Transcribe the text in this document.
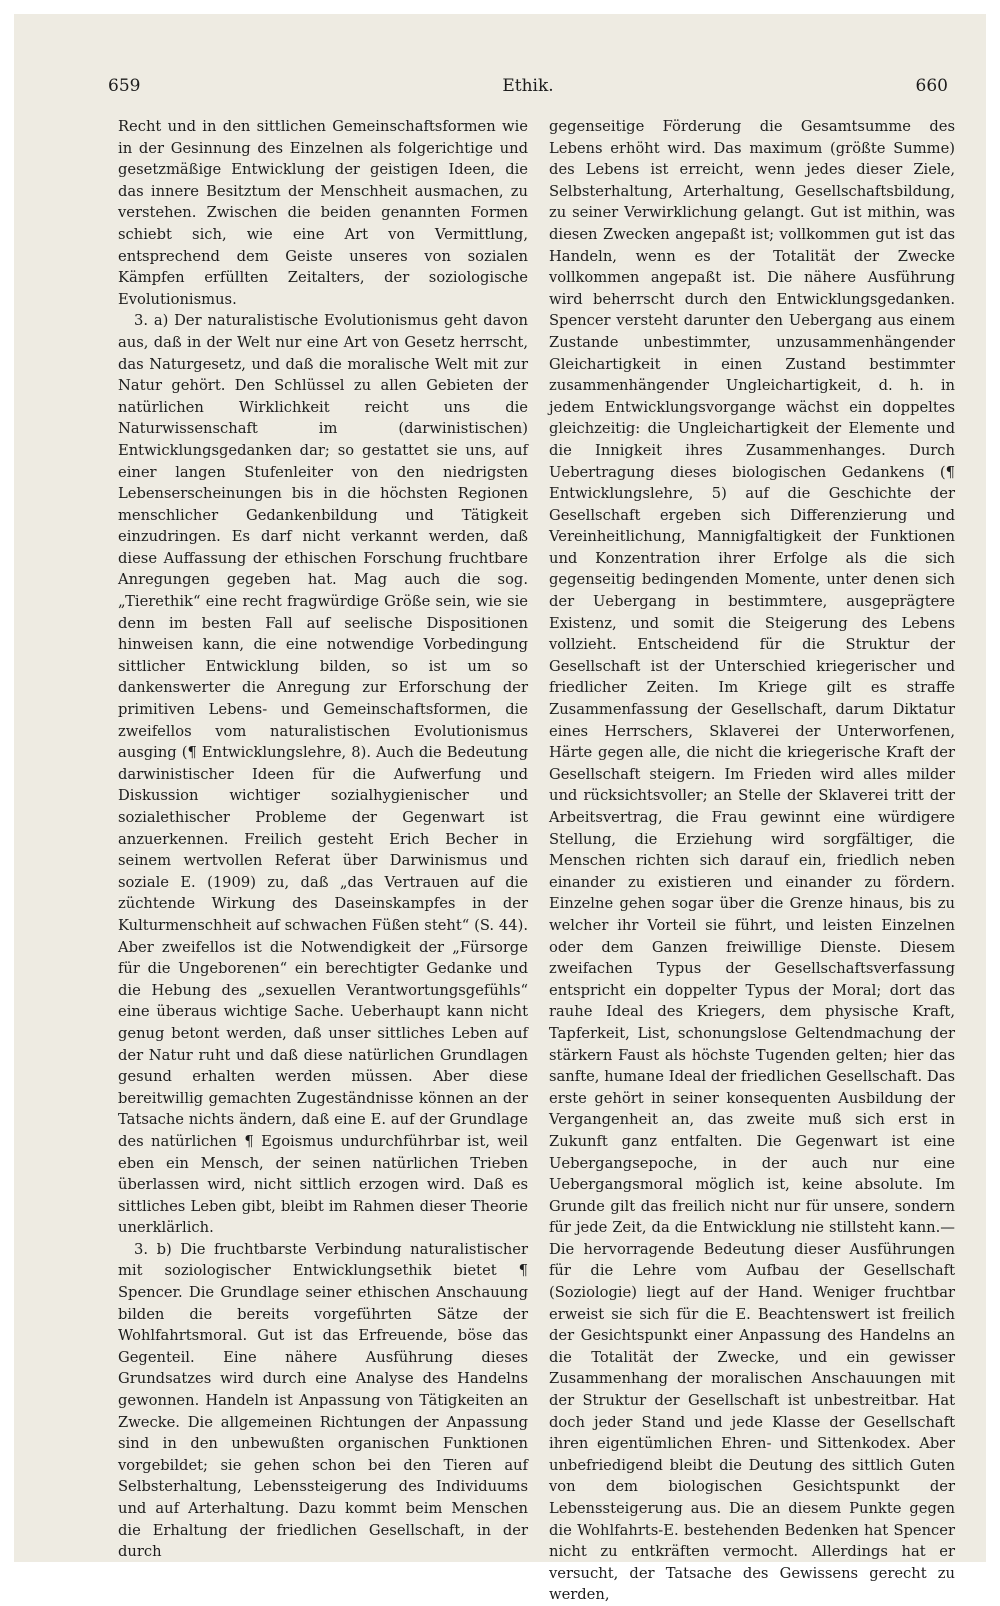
659	Ethik.	660

Recht und in den sittlichen Gemeinschaftsformen wie in der Gesinnung des Einzelnen als folgerichtige und gesetzmäßige Entwicklung der geistigen Ideen, die das innere Besitztum der Menschheit ausmachen, zu verstehen. Zwischen die beiden genannten Formen schiebt sich, wie eine Art von Vermittlung, entsprechend dem Geiste unseres von sozialen Kämpfen erfüllten Zeitalters, der soziologische Evolutionismus.

3. a) Der naturalistische Evolutionismus geht davon aus, daß in der Welt nur eine Art von Gesetz herrscht, das Naturgesetz, und daß die moralische Welt mit zur Natur gehört. Den Schlüssel zu allen Gebieten der natürlichen Wirklichkeit reicht uns die Naturwissenschaft im (darwinistischen) Entwicklungsgedanken dar; so gestattet sie uns, auf einer langen Stufenleiter von den niedrigsten Lebenserscheinungen bis in die höchsten Regionen menschlicher Gedankenbildung und Tätigkeit einzudringen. Es darf nicht verkannt werden, daß diese Auffassung der ethischen Forschung fruchtbare Anregungen gegeben hat. Mag auch die sog. „Tierethik“ eine recht fragwürdige Größe sein, wie sie denn im besten Fall auf seelische Dispositionen hinweisen kann, die eine notwendige Vorbedingung sittlicher Entwicklung bilden, so ist um so dankenswerter die Anregung zur Erforschung der primitiven Lebens- und Gemeinschaftsformen, die zweifellos vom naturalistischen Evolutionismus ausging (¶ Entwicklungslehre, 8). Auch die Bedeutung darwinistischer Ideen für die Aufwerfung und Diskussion wichtiger sozialhygienischer und sozialethischer Probleme der Gegenwart ist anzuerkennen. Freilich gesteht Erich Becher in seinem wertvollen Referat über Darwinismus und soziale E. (1909) zu, daß „das Vertrauen auf die züchtende Wirkung des Daseinskampfes in der Kulturmenschheit auf schwachen Füßen steht“ (S. 44). Aber zweifellos ist die Notwendigkeit der „Fürsorge für die Ungeborenen“ ein berechtigter Gedanke und die Hebung des „sexuellen Verantwortungsgefühls“ eine überaus wichtige Sache. Ueberhaupt kann nicht genug betont werden, daß unser sittliches Leben auf der Natur ruht und daß diese natürlichen Grundlagen gesund erhalten werden müssen. Aber diese bereitwillig gemachten Zugeständnisse können an der Tatsache nichts ändern, daß eine E. auf der Grundlage des natürlichen ¶ Egoismus undurchführbar ist, weil eben ein Mensch, der seinen natürlichen Trieben überlassen wird, nicht sittlich erzogen wird. Daß es sittliches Leben gibt, bleibt im Rahmen dieser Theorie unerklärlich.

3. b) Die fruchtbarste Verbindung naturalistischer mit soziologischer Entwicklungsethik bietet ¶ Spencer. Die Grundlage seiner ethischen Anschauung bilden die bereits vorgeführten Sätze der Wohlfahrtsmoral. Gut ist das Erfreuende, böse das Gegenteil. Eine nähere Ausführung dieses Grundsatzes wird durch eine Analyse des Handelns gewonnen. Handeln ist Anpassung von Tätigkeiten an Zwecke. Die allgemeinen Richtungen der Anpassung sind in den unbewußten organischen Funktionen vorgebildet; sie gehen schon bei den Tieren auf Selbsterhaltung, Lebenssteigerung des Individuums und auf Arterhaltung. Dazu kommt beim Menschen die Erhaltung der friedlichen Gesellschaft, in der durch

gegenseitige Förderung die Gesamtsumme des Lebens erhöht wird. Das maximum (größte Summe) des Lebens ist erreicht, wenn jedes dieser Ziele, Selbsterhaltung, Arterhaltung, Gesellschaftsbildung, zu seiner Verwirklichung gelangt. Gut ist mithin, was diesen Zwecken angepaßt ist; vollkommen gut ist das Handeln, wenn es der Totalität der Zwecke vollkommen angepaßt ist. Die nähere Ausführung wird beherrscht durch den Entwicklungsgedanken. Spencer versteht darunter den Uebergang aus einem Zustande unbestimmter, unzusammenhängender Gleichartigkeit in einen Zustand bestimmter zusammenhängender Ungleichartigkeit, d. h. in jedem Entwicklungsvorgange wächst ein doppeltes gleichzeitig: die Ungleichartigkeit der Elemente und die Innigkeit ihres Zusammenhanges. Durch Uebertragung dieses biologischen Gedankens (¶ Entwicklungslehre, 5) auf die Geschichte der Gesellschaft ergeben sich Differenzierung und Vereinheitlichung, Mannigfaltigkeit der Funktionen und Konzentration ihrer Erfolge als die sich gegenseitig bedingenden Momente, unter denen sich der Uebergang in bestimmtere, ausgeprägtere Existenz, und somit die Steigerung des Lebens vollzieht. Entscheidend für die Struktur der Gesellschaft ist der Unterschied kriegerischer und friedlicher Zeiten. Im Kriege gilt es straffe Zusammenfassung der Gesellschaft, darum Diktatur eines Herrschers, Sklaverei der Unterworfenen, Härte gegen alle, die nicht die kriegerische Kraft der Gesellschaft steigern. Im Frieden wird alles milder und rücksichtsvoller; an Stelle der Sklaverei tritt der Arbeitsvertrag, die Frau gewinnt eine würdigere Stellung, die Erziehung wird sorgfältiger, die Menschen richten sich darauf ein, friedlich neben einander zu existieren und einander zu fördern. Einzelne gehen sogar über die Grenze hinaus, bis zu welcher ihr Vorteil sie führt, und leisten Einzelnen oder dem Ganzen freiwillige Dienste. Diesem zweifachen Typus der Gesellschaftsverfassung entspricht ein doppelter Typus der Moral; dort das rauhe Ideal des Kriegers, dem physische Kraft, Tapferkeit, List, schonungslose Geltendmachung der stärkern Faust als höchste Tugenden gelten; hier das sanfte, humane Ideal der friedlichen Gesellschaft. Das erste gehört in seiner konsequenten Ausbildung der Vergangenheit an, das zweite muß sich erst in Zukunft ganz entfalten. Die Gegenwart ist eine Uebergangsepoche, in der auch nur eine Uebergangsmoral möglich ist, keine absolute. Im Grunde gilt das freilich nicht nur für unsere, sondern für jede Zeit, da die Entwicklung nie stillsteht kann.—Die hervorragende Bedeutung dieser Ausführungen für die Lehre vom Aufbau der Gesellschaft (Soziologie) liegt auf der Hand. Weniger fruchtbar erweist sie sich für die E. Beachtenswert ist freilich der Gesichtspunkt einer Anpassung des Handelns an die Totalität der Zwecke, und ein gewisser Zusammenhang der moralischen Anschauungen mit der Struktur der Gesellschaft ist unbestreitbar. Hat doch jeder Stand und jede Klasse der Gesellschaft ihren eigentümlichen Ehren- und Sittenkodex. Aber unbefriedigend bleibt die Deutung des sittlich Guten von dem biologischen Gesichtspunkt der Lebenssteigerung aus. Die an diesem Punkte gegen die Wohlfahrts-E. bestehenden Bedenken hat Spencer nicht zu entkräften vermocht. Allerdings hat er versucht, der Tatsache des Gewissens gerecht zu werden,
